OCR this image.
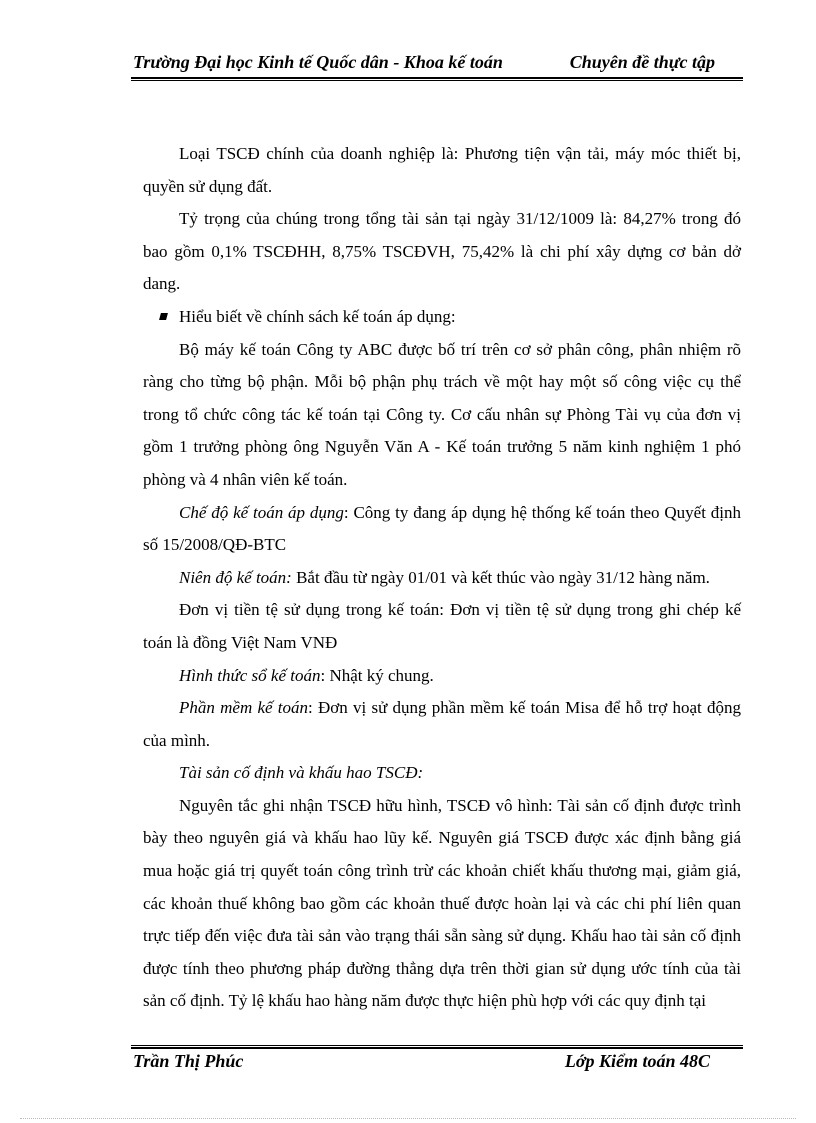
Trường Đại học Kinh tế Quốc dân - Khoa kế toán	Chuyên đề thực tập

Loại TSCĐ chính của doanh nghiệp là: Phương tiện vận tải, máy móc thiết bị, quyền sử dụng đất.

Tỷ trọng của chúng trong tổng tài sản tại ngày 31/12/1009 là: 84,27% trong đó bao gồm 0,1% TSCĐHH, 8,75% TSCĐVH, 75,42% là chi phí xây dựng cơ bản dở dang.

Hiểu biết về chính sách kế toán áp dụng:

Bộ máy kế toán Công ty ABC được bố trí trên cơ sở phân công, phân nhiệm rõ ràng cho từng bộ phận. Mỗi bộ phận phụ trách về một hay một số công việc cụ thể trong tổ chức công tác kế toán tại Công ty. Cơ cấu nhân sự Phòng Tài vụ của đơn vị gồm 1 trưởng phòng ông Nguyễn Văn A - Kế toán trưởng 5 năm kinh nghiệm 1 phó phòng và 4 nhân viên kế toán.

Chế độ kế toán áp dụng: Công ty đang áp dụng hệ thống kế toán theo Quyết định số 15/2008/QĐ-BTC

Niên độ kế toán: Bắt đầu từ ngày 01/01 và kết thúc vào ngày 31/12 hàng năm.

Đơn vị tiền tệ sử dụng trong kế toán: Đơn vị tiền tệ sử dụng trong ghi chép kế toán là đồng Việt Nam VNĐ

Hình thức sổ kế toán: Nhật ký chung.

Phần mềm kế toán: Đơn vị sử dụng phần mềm kế toán Misa để hỗ trợ hoạt động của mình.

Tài sản cố định và khấu hao TSCĐ:

Nguyên tắc ghi nhận TSCĐ hữu hình, TSCĐ vô hình: Tài sản cố định được trình bày theo nguyên giá và khấu hao lũy kế. Nguyên giá TSCĐ được xác định bằng giá mua hoặc giá trị quyết toán công trình trừ các khoản chiết khấu thương mại, giảm giá, các khoản thuế không bao gồm các khoản thuế được hoàn lại và các chi phí liên quan trực tiếp đến việc đưa tài sản vào trạng thái sẵn sàng sử dụng. Khấu hao tài sản cố định được tính theo phương pháp đường thẳng dựa trên thời gian sử dụng ước tính của tài sản cố định. Tỷ lệ khấu hao hàng năm được thực hiện phù hợp với các quy định tại

Trần Thị Phúc	Lớp Kiểm toán 48C
